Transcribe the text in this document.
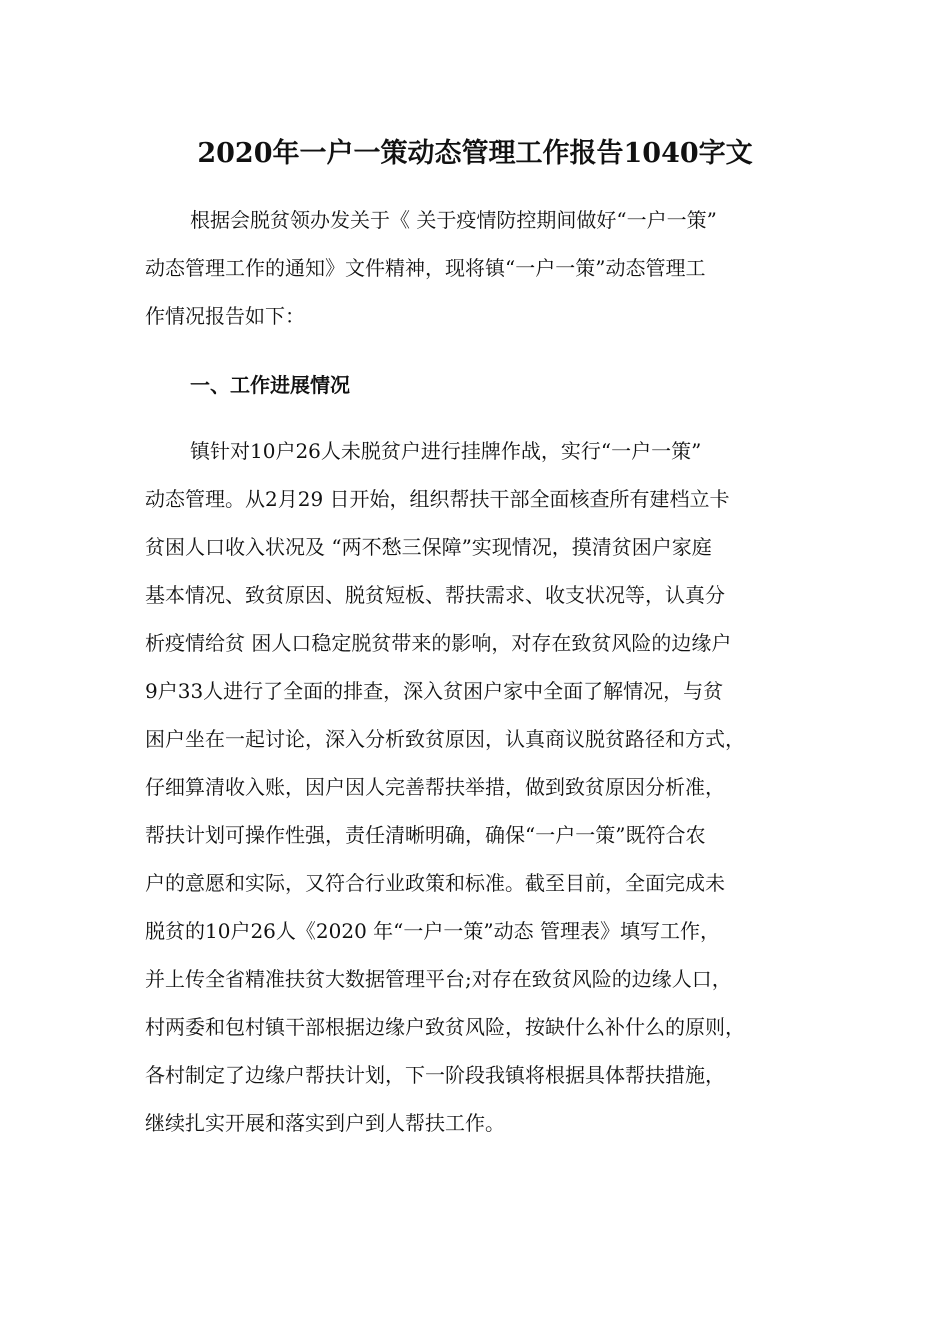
2020年一户一策动态管理工作报告1040字文
根据会脱贫领办发关于《 关于疫情防控期间做好“一户一策”
动态管理工作的通知》文件精神，现将镇“一户一策”动态管理工
作情况报告如下：
一、工作进展情况
镇针对10户26人未脱贫户进行挂牌作战，实行“一户一策”
动态管理。从2月29 日开始，组织帮扶干部全面核查所有建档立卡
贫困人口收入状况及 “两不愁三保障”实现情况，摸清贫困户家庭
基本情况、致贫原因、脱贫短板、帮扶需求、收支状况等，认真分
析疫情给贫 困人口稳定脱贫带来的影响，对存在致贫风险的边缘户
9户33人进行了全面的排查，深入贫困户家中全面了解情况，与贫
困户坐在一起讨论，深入分析致贫原因，认真商议脱贫路径和方式，
仔细算清收入账，因户因人完善帮扶举措，做到致贫原因分析准，
帮扶计划可操作性强，责任清晰明确，确保“一户一策”既符合农
户的意愿和实际，又符合行业政策和标准。截至目前，全面完成未
脱贫的10户26人《2020 年“一户一策”动态 管理表》填写工作，
并上传全省精准扶贫大数据管理平台;对存在致贫风险的边缘人口，
村两委和包村镇干部根据边缘户致贫风险，按缺什么补什么的原则，
各村制定了边缘户帮扶计划，下一阶段我镇将根据具体帮扶措施，
继续扎实开展和落实到户到人帮扶工作。
